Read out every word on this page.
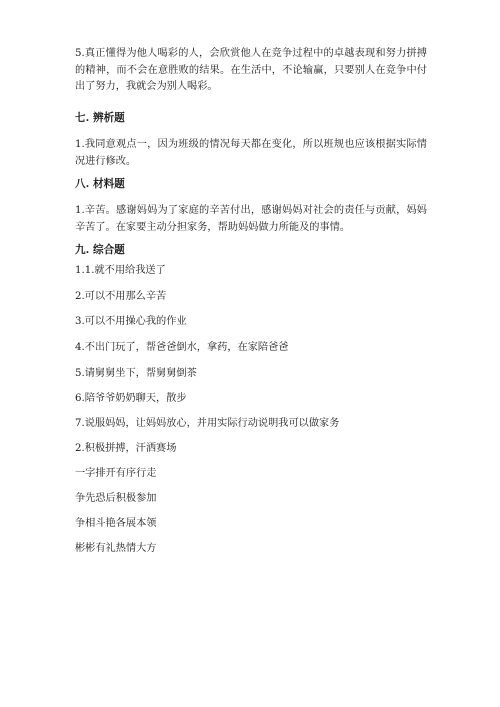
5.真正懂得为他人喝彩的人，会欣赏他人在竞争过程中的卓越表现和努力拼搏的精神，而不会在意胜败的结果。在生活中，不论输赢，只要别人在竞争中付出了努力，我就会为别人喝彩。

七. 辨析题

1.我同意观点一，因为班级的情况每天都在变化，所以班规也应该根据实际情况进行修改。

八. 材料题

1.辛苦。感谢妈妈为了家庭的辛苦付出，感谢妈妈对社会的责任与贡献，妈妈辛苦了。在家要主动分担家务，帮助妈妈做力所能及的事情。

九. 综合题

1.1.就不用给我送了

2.可以不用那么辛苦

3.可以不用操心我的作业

4.不出门玩了，帮爸爸倒水，拿药，在家陪爸爸

5.请舅舅坐下，帮舅舅倒茶

6.陪爷爷奶奶聊天，散步

7.说服妈妈，让妈妈放心，并用实际行动说明我可以做家务

2.积极拼搏，汗洒赛场

一字排开有序行走

争先恐后积极参加

争相斗艳各展本领

彬彬有礼热情大方
